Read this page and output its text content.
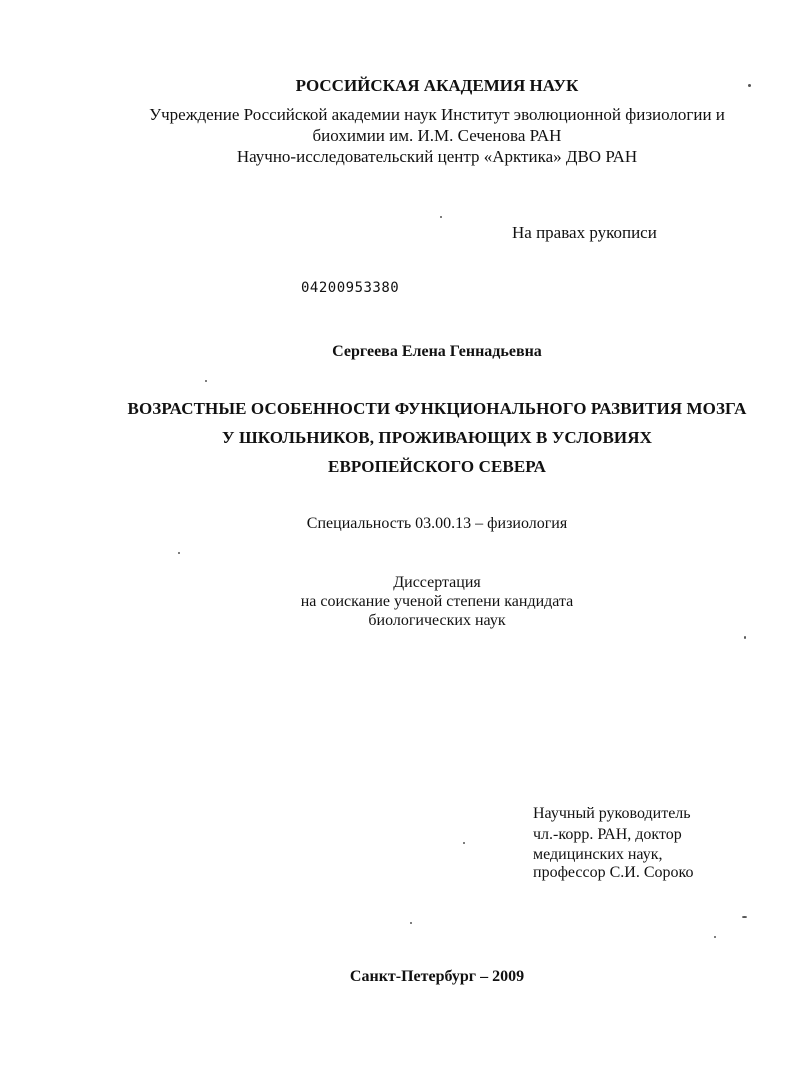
РОССИЙСКАЯ АКАДЕМИЯ НАУК
Учреждение Российской академии наук Институт эволюционной физиологии и
биохимии им. И.М. Сеченова РАН
Научно-исследовательский центр «Арктика» ДВО РАН
На правах рукописи
04200953380
Сергеева Елена Геннадьевна
ВОЗРАСТНЫЕ ОСОБЕННОСТИ ФУНКЦИОНАЛЬНОГО РАЗВИТИЯ МОЗГА
У ШКОЛЬНИКОВ, ПРОЖИВАЮЩИХ В УСЛОВИЯХ
ЕВРОПЕЙСКОГО СЕВЕРА
Специальность 03.00.13 – физиология
Диссертация
на соискание ученой степени кандидата
биологических наук
Научный руководитель
чл.-корр. РАН, доктор
медицинских наук,
профессор С.И. Сороко
Санкт-Петербург – 2009
